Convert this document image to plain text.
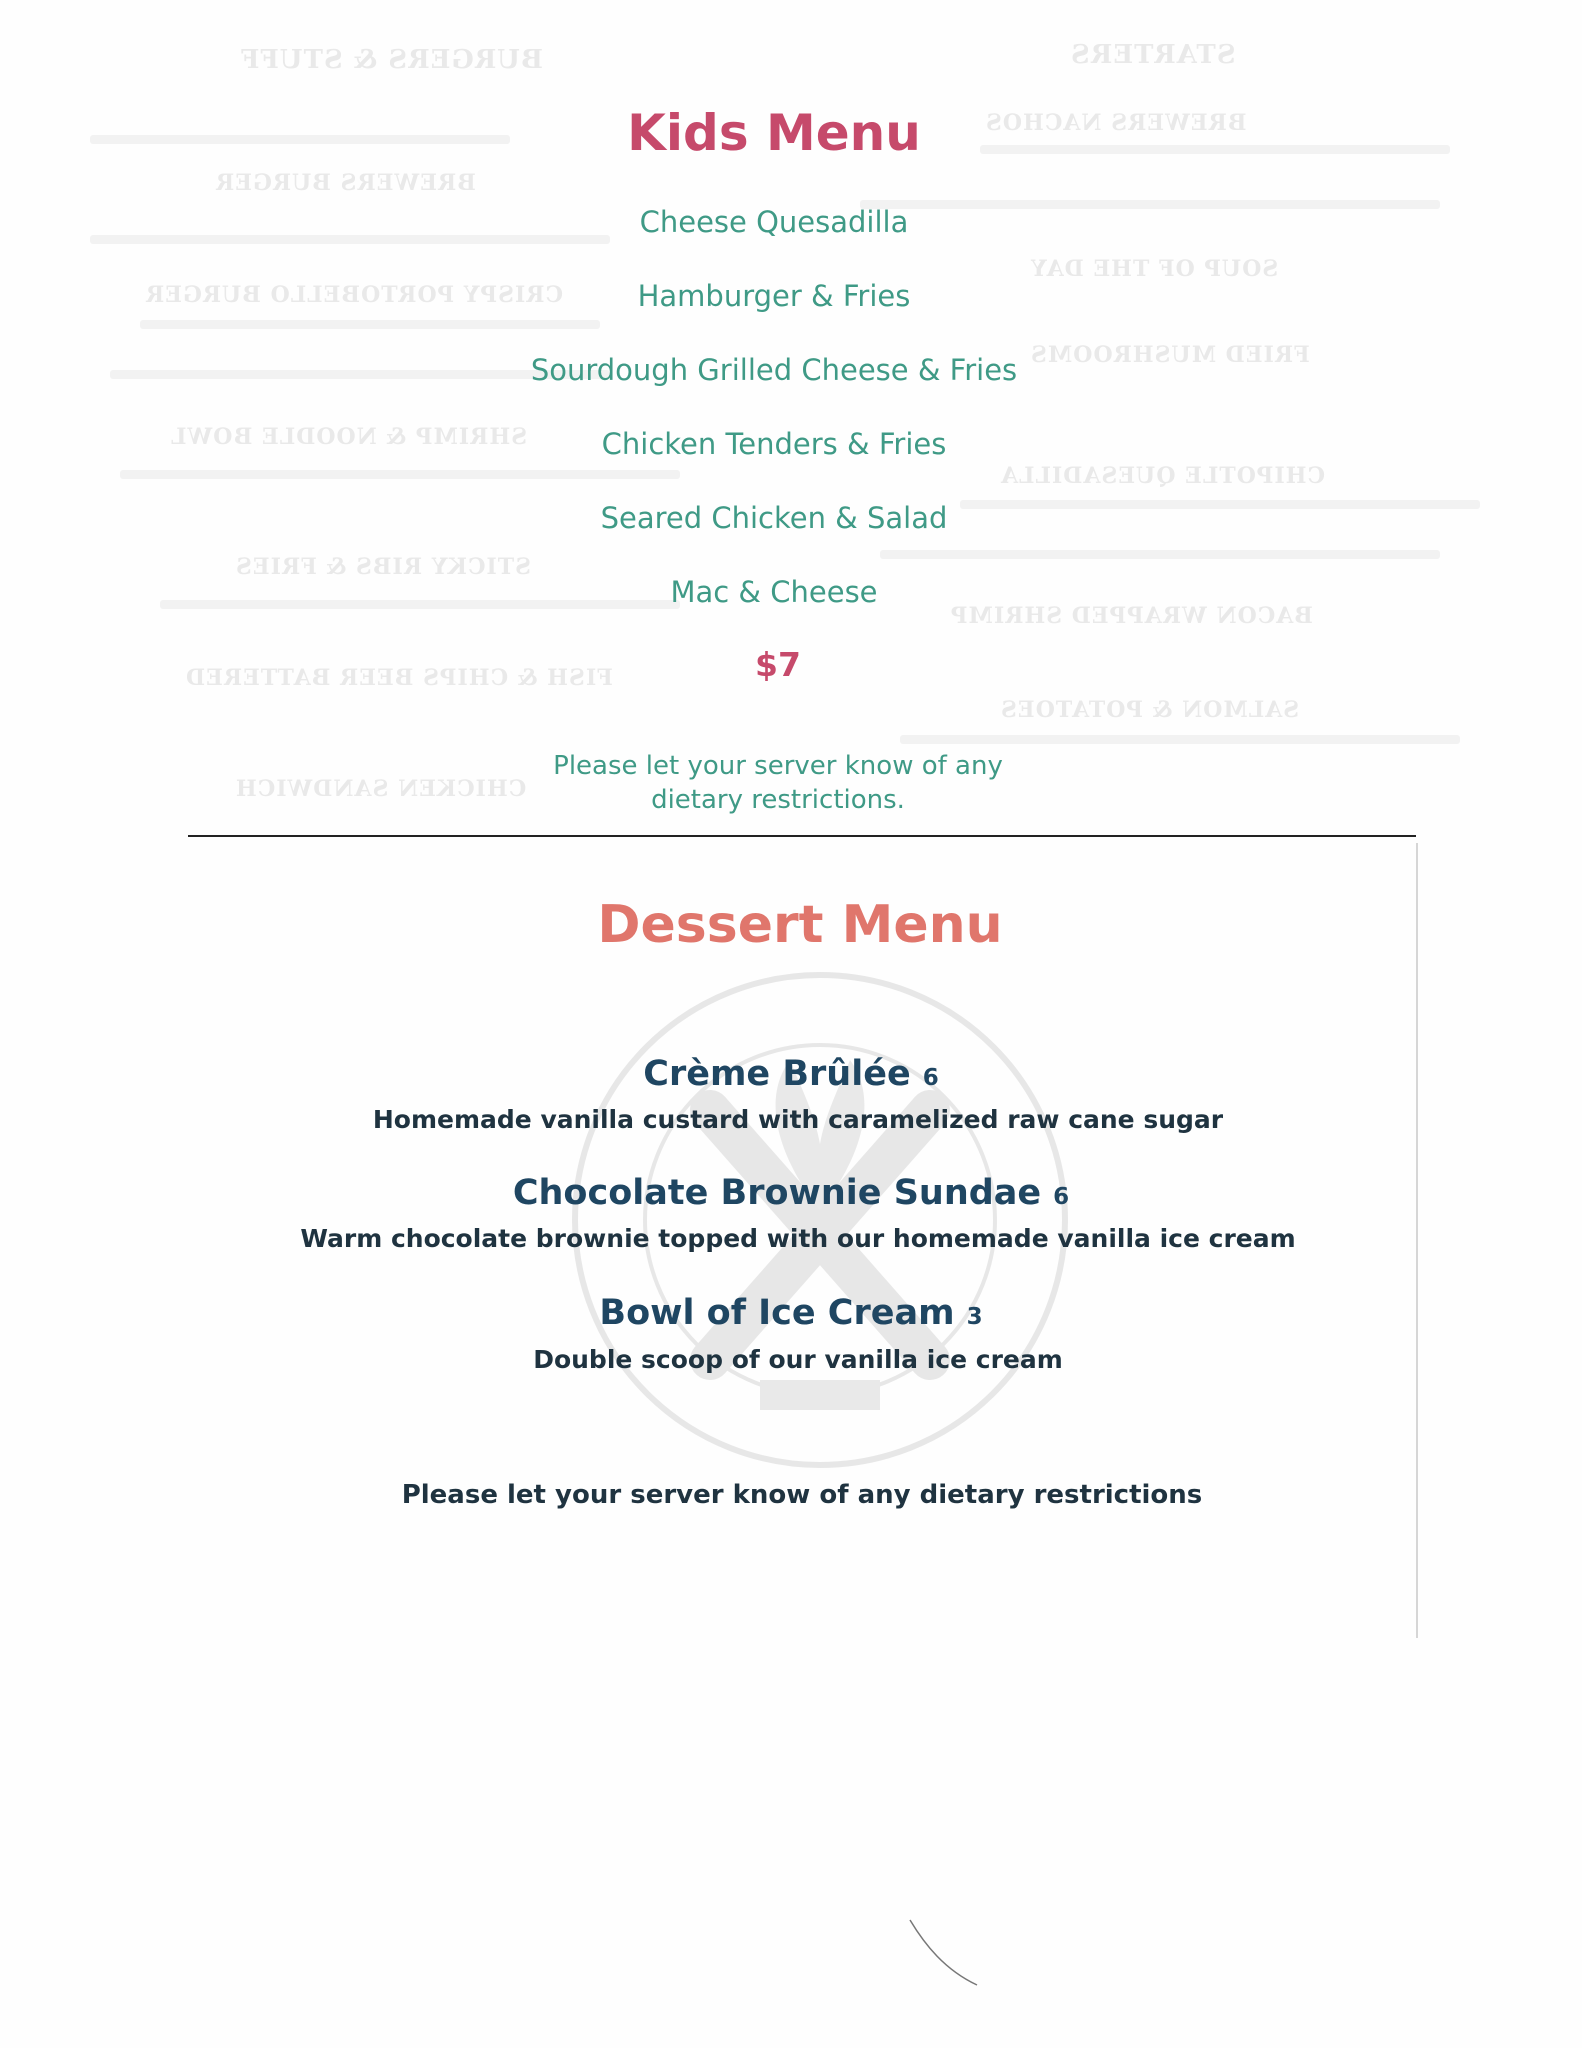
STARTERS
BURGERS & STUFF
BREWERS NACHOS
BREWERS BURGER
CRISPY PORTOBELLO BURGER
SOUP OF THE DAY
FRIED MUSHROOMS
SHRIMP & NOODLE BOWL
CHIPOTLE QUESADILLA
STICKY RIBS & FRIES
BACON WRAPPED SHRIMP
FISH & CHIPS BEER BATTERED
SALMON & POTATOES
CHICKEN SANDWICH
Kids Menu
Cheese Quesadilla
Hamburger & Fries
Sourdough Grilled Cheese & Fries
Chicken Tenders & Fries
Seared Chicken & Salad
Mac & Cheese
$7
Please let your server know of any
dietary restrictions.
Dessert Menu
Crème Brûlée 6
Homemade vanilla custard with caramelized raw cane sugar
Chocolate Brownie Sundae 6
Warm chocolate brownie topped with our homemade vanilla ice cream
Bowl of Ice Cream 3
Double scoop of our vanilla ice cream
Please let your server know of any dietary restrictions
